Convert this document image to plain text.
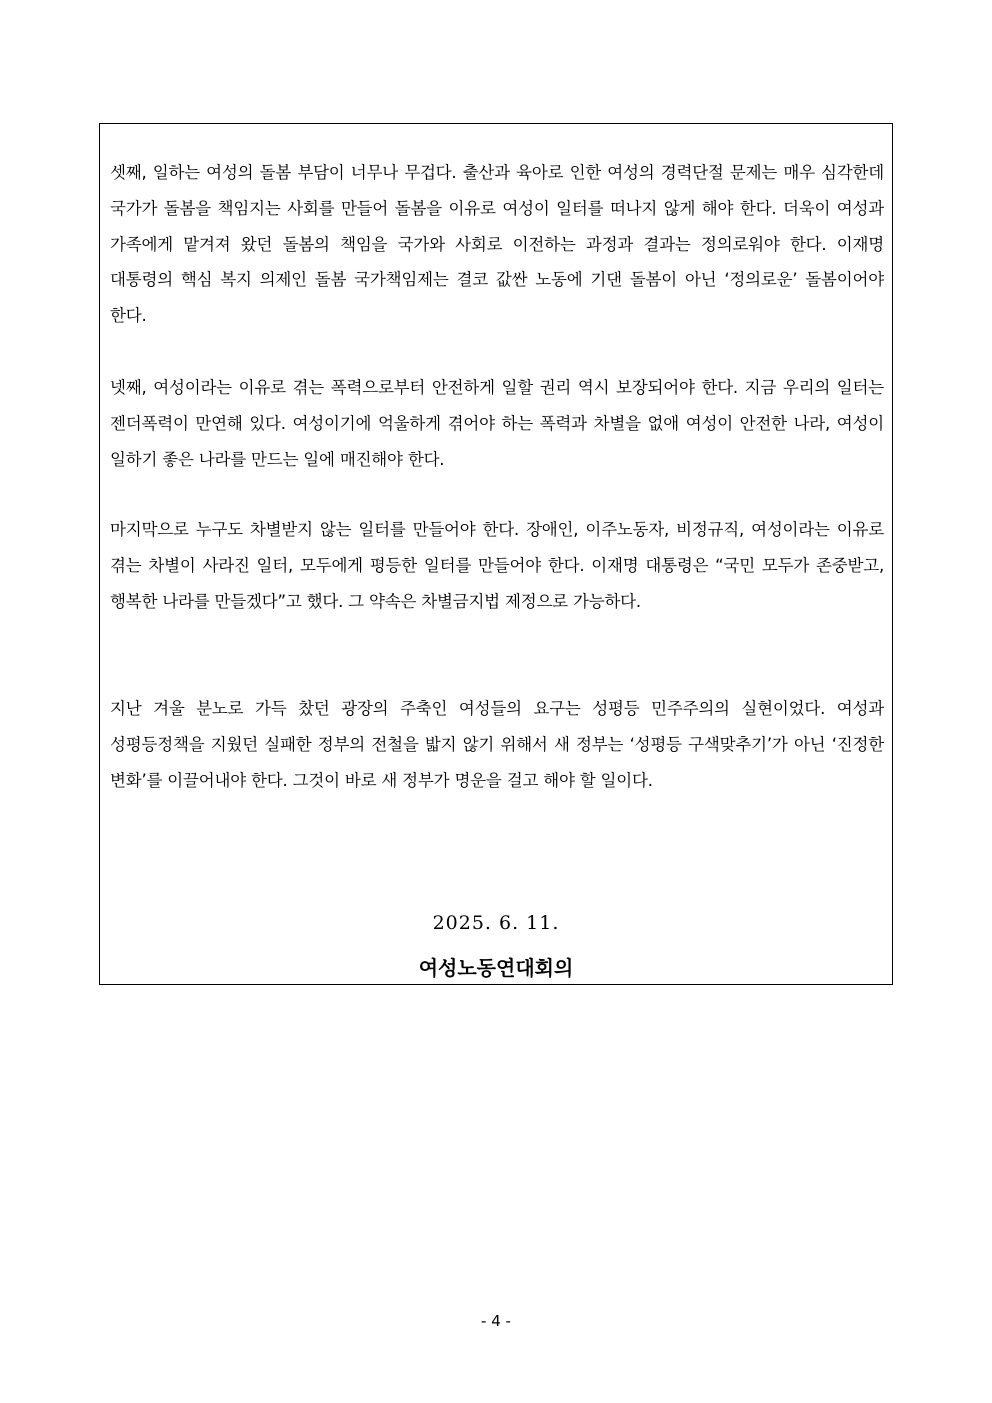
셋째, 일하는 여성의 돌봄 부담이 너무나 무겁다. 출산과 육아로 인한 여성의 경력단절 문제는 매우 심각한데 국가가 돌봄을 책임지는 사회를 만들어 돌봄을 이유로 여성이 일터를 떠나지 않게 해야 한다. 더욱이 여성과 가족에게 맡겨져 왔던 돌봄의 책임을 국가와 사회로 이전하는 과정과 결과는 정의로워야 한다. 이재명 대통령의 핵심 복지 의제인 돌봄 국가책임제는 결코 값싼 노동에 기댄 돌봄이 아닌 ‘정의로운’ 돌봄이어야 한다.

넷째, 여성이라는 이유로 겪는 폭력으로부터 안전하게 일할 권리 역시 보장되어야 한다. 지금 우리의 일터는 젠더폭력이 만연해 있다. 여성이기에 억울하게 겪어야 하는 폭력과 차별을 없애 여성이 안전한 나라, 여성이 일하기 좋은 나라를 만드는 일에 매진해야 한다.

마지막으로 누구도 차별받지 않는 일터를 만들어야 한다. 장애인, 이주노동자, 비정규직, 여성이라는 이유로 겪는 차별이 사라진 일터, 모두에게 평등한 일터를 만들어야 한다. 이재명 대통령은 “국민 모두가 존중받고, 행복한 나라를 만들겠다”고 했다. 그 약속은 차별금지법 제정으로 가능하다.

지난 겨울 분노로 가득 찼던 광장의 주축인 여성들의 요구는 성평등 민주주의의 실현이었다. 여성과 성평등정책을 지웠던 실패한 정부의 전철을 밟지 않기 위해서 새 정부는 ‘성평등 구색맞추기’가 아닌 ‘진정한 변화’를 이끌어내야 한다. 그것이 바로 새 정부가 명운을 걸고 해야 할 일이다.

2025. 6. 11.
여성노동연대회의
- 4 -
